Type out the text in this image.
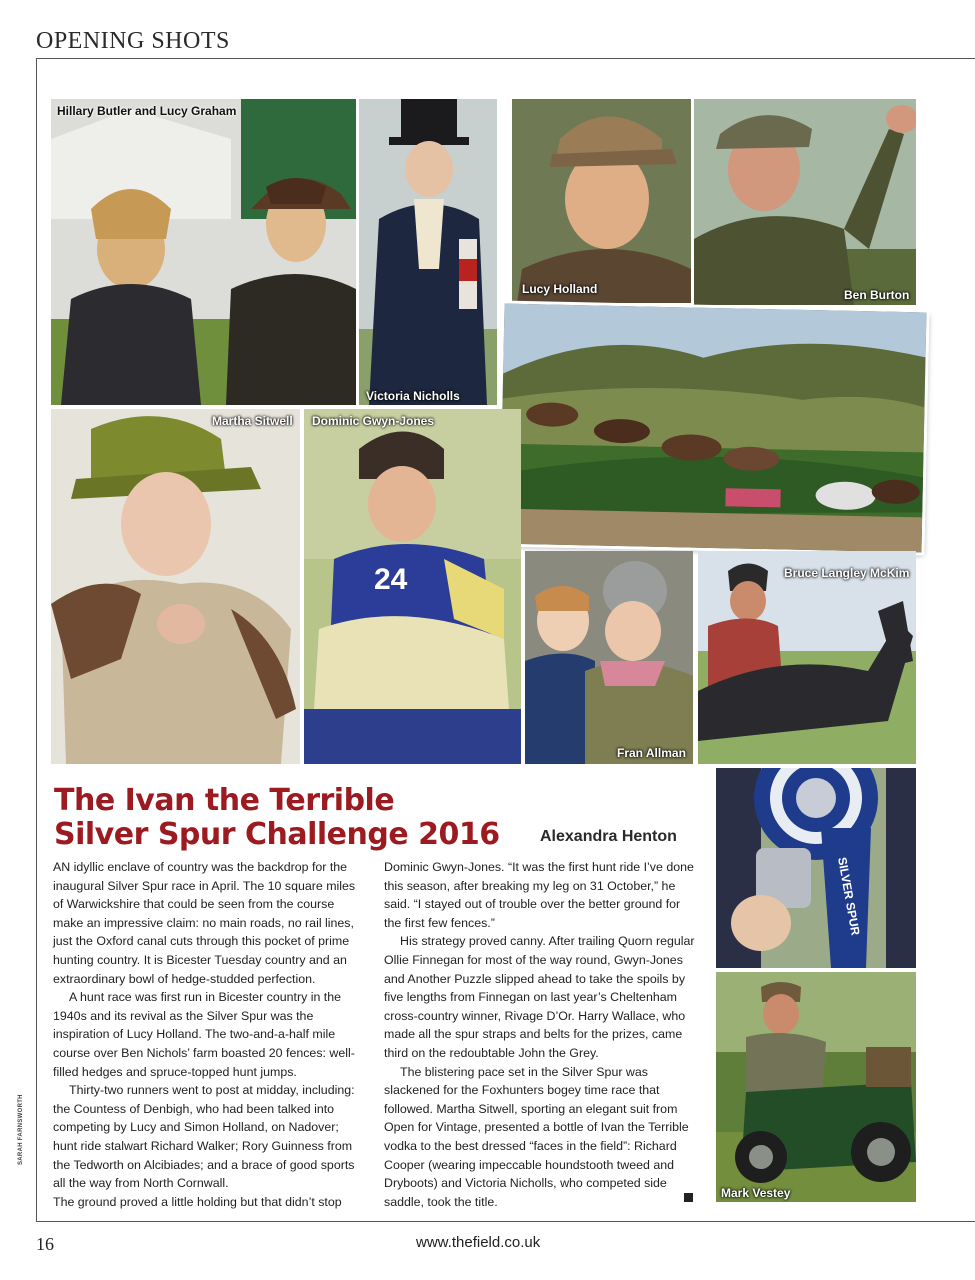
OPENING SHOTS
Hillary Butler and Lucy Graham
Victoria Nicholls
Lucy Holland	Ben Burton
Martha Sitwell
24
Dominic Gwyn-Jones
Fran Allman
Bruce Langley McKim
SILVER SPUR
Mark Vestey
The Ivan the Terrible
Silver Spur Challenge 2016	Alexandra Henton

AN idyllic enclave of country was the backdrop for the inaugural Silver Spur race in April. The 10 square miles of Warwickshire that could be seen from the course make an impressive claim: no main roads, no rail lines, just the Oxford canal cuts through this pocket of prime hunting country. It is Bicester Tuesday country and an extraordinary bowl of hedge-studded perfection.

A hunt race was first run in Bicester country in the 1940s and its revival as the Silver Spur was the inspiration of Lucy Holland. The two-and-a-half mile course over Ben Nichols’ farm boasted 20 fences: well-filled hedges and spruce-topped hunt jumps.

Thirty-two runners went to post at midday, including: the Countess of Denbigh, who had been talked into competing by Lucy and Simon Holland, on Nadover; hunt ride stalwart Richard Walker; Rory Guinness from the Tedworth on Alcibiades; and a brace of good sports all the way from North Cornwall.

The ground proved a little holding but that didn’t stop

Dominic Gwyn-Jones. “It was the first hunt ride I’ve done this season, after breaking my leg on 31 October,” he said. “I stayed out of trouble over the better ground for the first few fences.”

His strategy proved canny. After trailing Quorn regular Ollie Finnegan for most of the way round, Gwyn-Jones and Another Puzzle slipped ahead to take the spoils by five lengths from Finnegan on last year’s Cheltenham cross-country winner, Rivage D’Or. Harry Wallace, who made all the spur straps and belts for the prizes, came third on the redoubtable John the Grey.

The blistering pace set in the Silver Spur was slackened for the Foxhunters bogey time race that followed. Martha Sitwell, sporting an elegant suit from Open for Vintage, presented a bottle of Ivan the Terrible vodka to the best dressed “faces in the field”: Richard Cooper (wearing impeccable houndstooth tweed and Dryboots) and Victoria Nicholls, who competed side saddle, took the title.

SARAH FARNSWORTH
16	www.thefield.co.uk
